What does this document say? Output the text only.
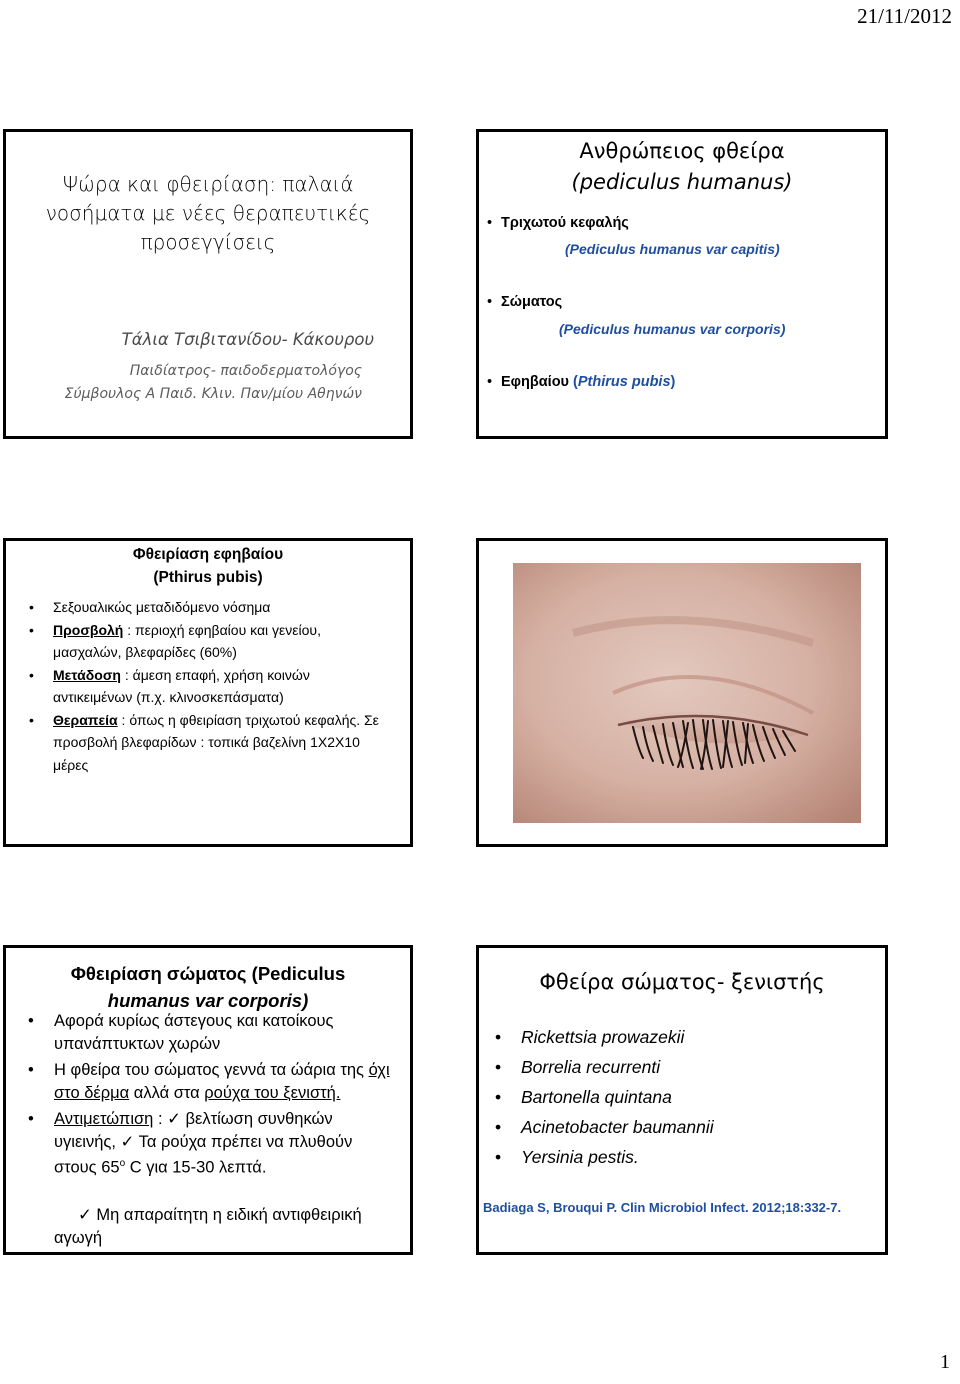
21/11/2012
Ψώρα και φθειρίαση: παλαιά νοσήματα με νέες θεραπευτικές προσεγγίσεις
Τάλια Τσιβιτανίδου- Κάκουρου
Παιδίατρος- παιδοδερματολόγος
Σύμβουλος Α Παιδ. Κλιν. Παν/μίου Αθηνών
Ανθρώπειος φθείρα
(pediculus humanus)
• Τριχωτού κεφαλής
(Pediculus humanus var capitis)
• Σώματος
(Pediculus humanus var corporis)
• Εφηβαίου (Pthirus pubis)
Φθειρίαση εφηβαίου
(Pthirus pubis)
• Σεξουαλικώς μεταδιδόμενο νόσημα
• Προσβολή : περιοχή εφηβαίου και γενείου, μασχαλών, βλεφαρίδες (60%)
• Μετάδοση : άμεση επαφή, χρήση κοινών αντικειμένων (π.χ. κλινοσκεπάσματα)
• Θεραπεία : όπως η φθειρίαση τριχωτού κεφαλής. Σε προσβολή βλεφαρίδων : τοπικά βαζελίνη 1Χ2Χ10 μέρες
Φθειρίαση σώματος (Pediculus
humanus var corporis)
• Αφορά κυρίως άστεγους και κατοίκους υπανάπτυκτων χωρών
• Η φθείρα του σώματος γεννά τα ώάρια της όχι στο δέρμα αλλά στα ρούχα του ξενιστή.
• Αντιμετώπιση : ✓ βελτίωση συνθηκών υγιεινής, ✓ Τα ρούχα πρέπει να πλυθούν στους $65^o$ C για 15-30 λεπτά.
✓ Μη απαραίτητη η ειδική αντιφθειρική αγωγή
Φθείρα σώματος- ξενιστής
• Rickettsia prowazekii
• Borrelia recurrenti
• Bartonella quintana
• Acinetobacter baumannii
• Yersinia pestis.
Badiaga S, Brouqui P. Clin Microbiol Infect. 2012;18:332-7.
1
